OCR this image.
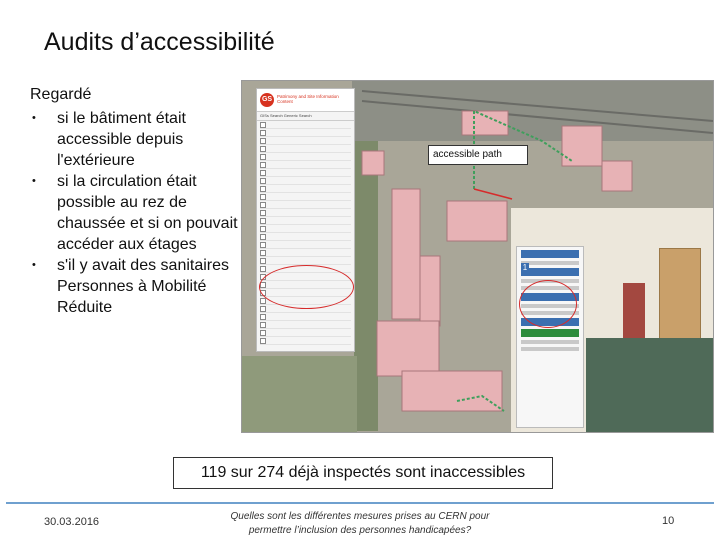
Audits d’accessibilité

Regardé

• si le bâtiment était accessible depuis l'extérieure

• si la circulation était possible au rez de chaussée et si on pouvait accéder aux étages

• s'il y avait des sanitaires Personnes à Mobilité Réduite

GS	Patrimony and Site Information Content
GISs Search Generic Search
accessible path
1
119 sur 274 déjà inspectés sont inaccessibles
30.03.2016	Quelles sont les différentes mesures prises au CERN pour permettre l’inclusion des personnes handicapées?
10
